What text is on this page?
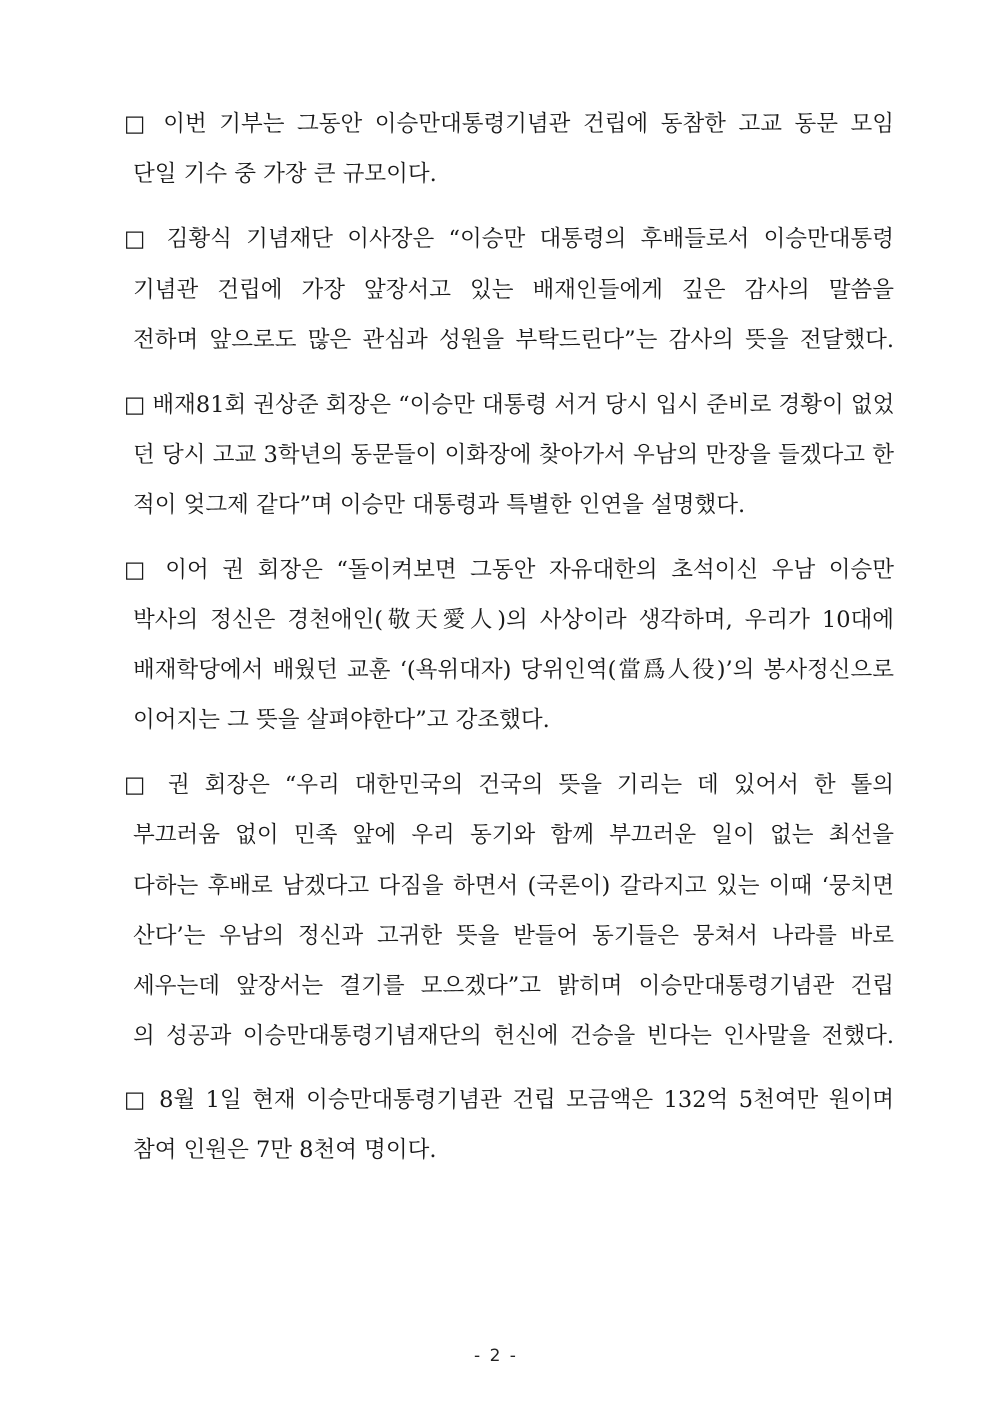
□ 이번 기부는 그동안 이승만대통령기념관 건립에 동참한 고교 동문 모임
단일 기수 중 가장 큰 규모이다.
□ 김황식 기념재단 이사장은 “이승만 대통령의 후배들로서 이승만대통령
기념관 건립에 가장 앞장서고 있는 배재인들에게 깊은 감사의 말씀을
전하며 앞으로도 많은 관심과 성원을 부탁드린다”는 감사의 뜻을 전달했다.
□ 배재81회 권상준 회장은 “이승만 대통령 서거 당시 입시 준비로 경황이 없었
던 당시 고교 3학년의 동문들이 이화장에 찾아가서 우남의 만장을 들겠다고 한
적이 엊그제 같다”며 이승만 대통령과 특별한 인연을 설명했다.
□ 이어 권 회장은 “돌이켜보면 그동안 자유대한의 초석이신 우남 이승만
박사의 정신은 경천애인(敬天愛人)의 사상이라 생각하며, 우리가 10대에
배재학당에서 배웠던 교훈 ‘(욕위대자) 당위인역(當爲人役)’의 봉사정신으로
이어지는 그 뜻을 살펴야한다”고 강조했다.
□ 권 회장은 “우리 대한민국의 건국의 뜻을 기리는 데 있어서 한 톨의
부끄러움 없이 민족 앞에 우리 동기와 함께 부끄러운 일이 없는 최선을
다하는 후배로 남겠다고 다짐을 하면서 (국론이) 갈라지고 있는 이때 ‘뭉치면
산다’는 우남의 정신과 고귀한 뜻을 받들어 동기들은 뭉쳐서 나라를 바로
세우는데 앞장서는 결기를 모으겠다”고 밝히며 이승만대통령기념관 건립
의 성공과 이승만대통령기념재단의 헌신에 건승을 빈다는 인사말을 전했다.
□ 8월 1일 현재 이승만대통령기념관 건립 모금액은 132억 5천여만 원이며
참여 인원은 7만 8천여 명이다.
- 2 -
